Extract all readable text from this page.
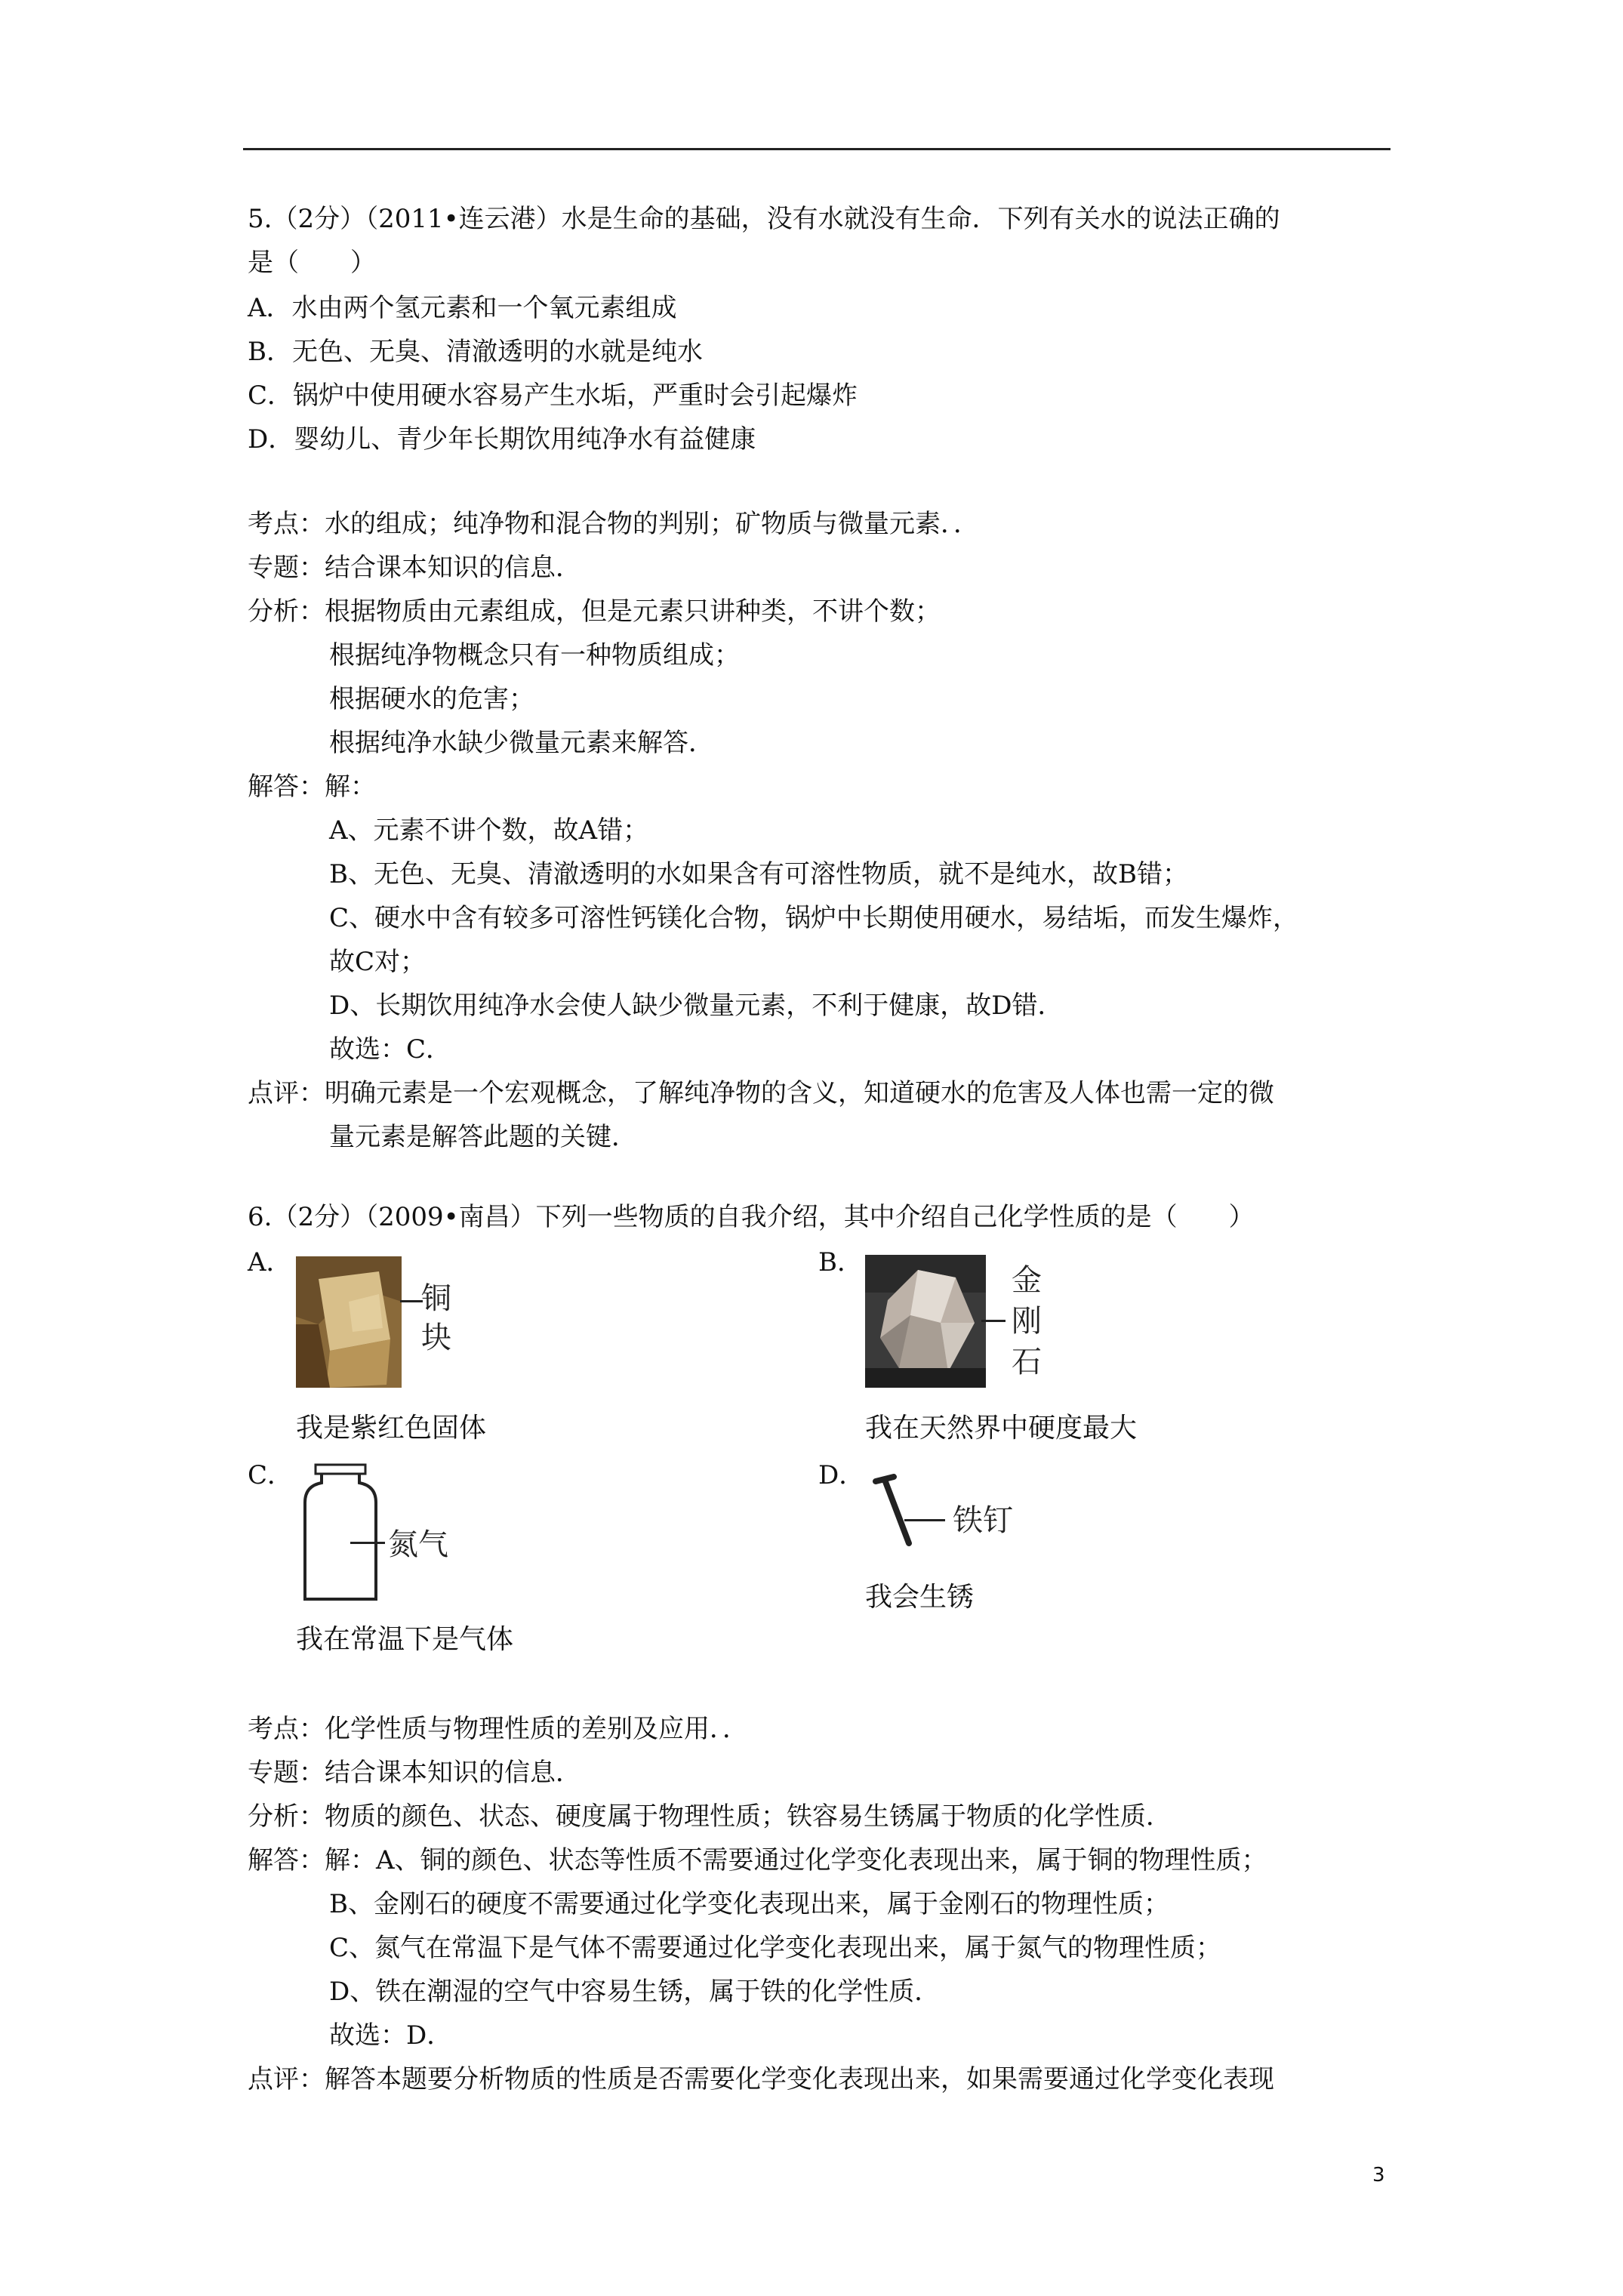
5.（2分）（2011•连云港）水是生命的基础，没有水就没有生命．下列有关水的说法正确的
是（　　）
A．水由两个氢元素和一个氧元素组成
B．无色、无臭、清澈透明的水就是纯水
C．锅炉中使用硬水容易产生水垢，严重时会引起爆炸
D．婴幼儿、青少年长期饮用纯净水有益健康
考点：水的组成；纯净物和混合物的判别；矿物质与微量元素．．
专题：结合课本知识的信息．
分析：根据物质由元素组成，但是元素只讲种类，不讲个数；
根据纯净物概念只有一种物质组成；
根据硬水的危害；
根据纯净水缺少微量元素来解答．
解答：解：
A、元素不讲个数，故A错；
B、无色、无臭、清澈透明的水如果含有可溶性物质，就不是纯水，故B错；
C、硬水中含有较多可溶性钙镁化合物，锅炉中长期使用硬水，易结垢，而发生爆炸，
故C对；
D、长期饮用纯净水会使人缺少微量元素，不利于健康，故D错．
故选：C．
点评：明确元素是一个宏观概念，了解纯净物的含义，知道硬水的危害及人体也需一定的微
量元素是解答此题的关键．
6.（2分）（2009•南昌）下列一些物质的自我介绍，其中介绍自己化学性质的是（　　）
A．	B．
铜
块
金
刚
石
我是紫红色固体	我在天然界中硬度最大
C．	D．
氮气
铁钉
我会生锈
我在常温下是气体
考点：化学性质与物理性质的差别及应用．．
专题：结合课本知识的信息．
分析：物质的颜色、状态、硬度属于物理性质；铁容易生锈属于物质的化学性质．
解答：解：A、铜的颜色、状态等性质不需要通过化学变化表现出来，属于铜的物理性质；
B、金刚石的硬度不需要通过化学变化表现出来，属于金刚石的物理性质；
C、氮气在常温下是气体不需要通过化学变化表现出来，属于氮气的物理性质；
D、铁在潮湿的空气中容易生锈，属于铁的化学性质．
故选：D．
点评：解答本题要分析物质的性质是否需要化学变化表现出来，如果需要通过化学变化表现
3
